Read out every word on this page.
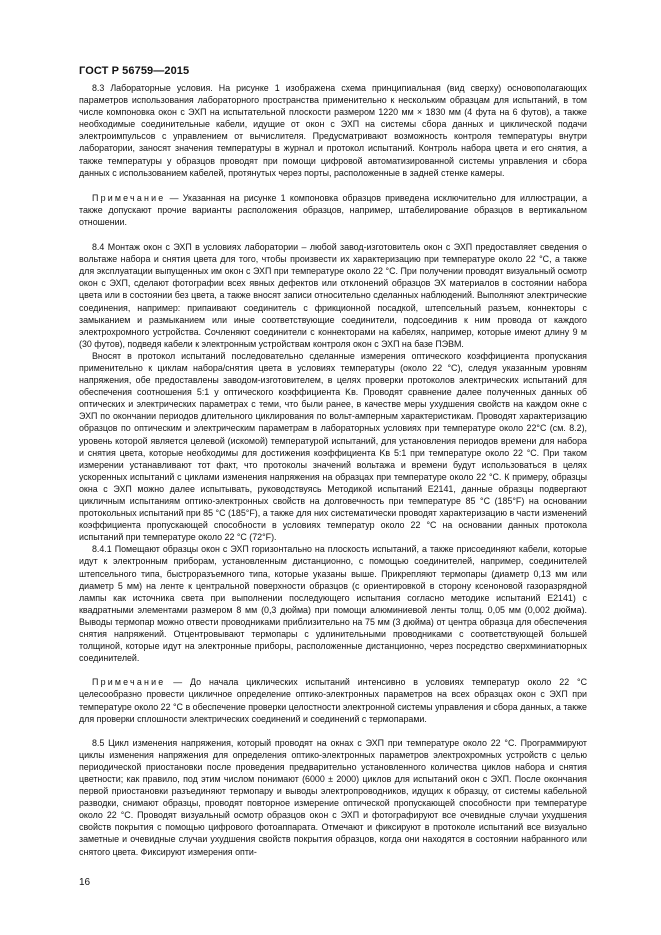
ГОСТ Р 56759—2015

8.3 Лабораторные условия. На рисунке 1 изображена схема принципиальная (вид сверху) основополагающих параметров использования лабораторного пространства применительно к нескольким образцам для испытаний, в том числе компоновка окон с ЭХП на испытательной плоскости размером 1220 мм × 1830 мм (4 фута на 6 футов), а также необходимые соединительные кабели, идущие от окон с ЭХП на системы сбора данных и циклической подачи электроимпульсов с управлением от вычислителя. Предусматривают возможность контроля температуры внутри лаборатории, заносят значения температуры в журнал и протокол испытаний. Контроль набора цвета и его снятия, а также температуры у образцов проводят при помощи цифровой автоматизированной системы управления и сбора данных с использованием кабелей, протянутых через порты, расположенные в задней стенке камеры.

Примечание — Указанная на рисунке 1 компоновка образцов приведена исключительно для иллюстрации, а также допускают прочие варианты расположения образцов, например, штабелирование образцов в вертикальном отношении.

8.4 Монтаж окон с ЭХП в условиях лаборатории – любой завод-изготовитель окон с ЭХП предоставляет сведения о вольтаже набора и снятия цвета для того, чтобы произвести их характеризацию при температуре около 22 °С, а также для эксплуатации выпущенных им окон с ЭХП при температуре около 22 °С. При получении проводят визуальный осмотр окон с ЭХП, сделают фотографии всех явных дефектов или отклонений образцов ЭХ материалов в состоянии набора цвета или в состоянии без цвета, а также вносят записи относительно сделанных наблюдений. Выполняют электрические соединения, например: припаивают соединитель с фрикционной посадкой, штепсельный разъем, коннекторы с замыканием и размыканием или иные соответствующие соединители, подсоединив к ним провода от каждого электрохромного устройства. Сочленяют соединители с коннекторами на кабелях, например, которые имеют длину 9 м (30 футов), подведя кабели к электронным устройствам контроля окон с ЭХП на базе ПЭВМ.

Вносят в протокол испытаний последовательно сделанные измерения оптического коэффициента пропускания применительно к циклам набора/снятия цвета в условиях температуры (около 22 °С), следуя указанным уровням напряжения, обе предоставлены заводом-изготовителем, в целях проверки протоколов электрических испытаний для обеспечения соотношения 5:1 у оптического коэффициента Kв. Проводят сравнение далее полученных данных об оптических и электрических параметрах с теми, что были ранее, в качестве меры ухудшения свойств на каждом окне с ЭХП по окончании периодов длительного циклирования по вольт-амперным характеристикам. Проводят характеризацию образцов по оптическим и электрическим параметрам в лабораторных условиях при температуре около 22°С (см. 8.2), уровень которой является целевой (искомой) температурой испытаний, для установления периодов времени для набора и снятия цвета, которые необходимы для достижения коэффициента Kв 5:1 при температуре около 22 °С. При таком измерении устанавливают тот факт, что протоколы значений вольтажа и времени будут использоваться в целях ускоренных испытаний с циклами изменения напряжения на образцах при температуре около 22 °С. К примеру, образцы окна с ЭХП можно далее испытывать, руководствуясь Методикой испытаний E2141, данные образцы подвергают цикличным испытаниям оптико-электронных свойств на долговечность при температуре 85 °С (185°F) на основании протокольных испытаний при 85 °С (185°F), а также для них систематически проводят характеризацию в части изменений коэффициента пропускающей способности в условиях температур около 22 °С на основании данных протокола испытаний при температуре около 22 °С (72°F).

8.4.1 Помещают образцы окон с ЭХП горизонтально на плоскость испытаний, а также присоединяют кабели, которые идут к электронным приборам, установленным дистанционно, с помощью соединителей, например, соединителей штепсельного типа, быстроразъемного типа, которые указаны выше. Прикрепляют термопары (диаметр 0,13 мм или диаметр 5 мм) на ленте к центральной поверхности образцов (с ориентировкой в сторону ксеноновой газоразрядной лампы как источника света при выполнении последующего испытания согласно методике испытаний E2141) с квадратными элементами размером 8 мм (0,3 дюйма) при помощи алюминиевой ленты толщ. 0,05 мм (0,002 дюйма). Выводы термопар можно отвести проводниками приблизительно на 75 мм (3 дюйма) от центра образца для обеспечения снятия напряжений. Отцентровывают термопары с удлинительными проводниками с соответствующей большей толщиной, которые идут на электронные приборы, расположенные дистанционно, через посредство сверхминиатюрных соединителей.

Примечание — До начала циклических испытаний интенсивно в условиях температур около 22 °С целесообразно провести цикличное определение оптико-электронных параметров на всех образцах окон с ЭХП при температуре около 22 °С в обеспечение проверки целостности электронной системы управления и сбора данных, а также для проверки сплошности электрических соединений и соединений с термопарами.

8.5 Цикл изменения напряжения, который проводят на окнах с ЭХП при температуре около 22 °С. Программируют циклы изменения напряжения для определения оптико-электронных параметров электрохромных устройств с целью периодической приостановки после проведения предварительно установленного количества циклов набора и снятия цветности; как правило, под этим числом понимают (6000 ± 2000) циклов для испытаний окон с ЭХП. После окончания первой приостановки разъединяют термопару и выводы электропроводников, идущих к образцу, от системы кабельной разводки, снимают образцы, проводят повторное измерение оптической пропускающей способности при температуре около 22 °С. Проводят визуальный осмотр образцов окон с ЭХП и фотографируют все очевидные случаи ухудшения свойств покрытия с помощью цифрового фотоаппарата. Отмечают и фиксируют в протоколе испытаний все визуально заметные и очевидные случаи ухудшения свойств покрытия образцов, когда они находятся в состоянии набранного или снятого цвета. Фиксируют измерения опти-

16
